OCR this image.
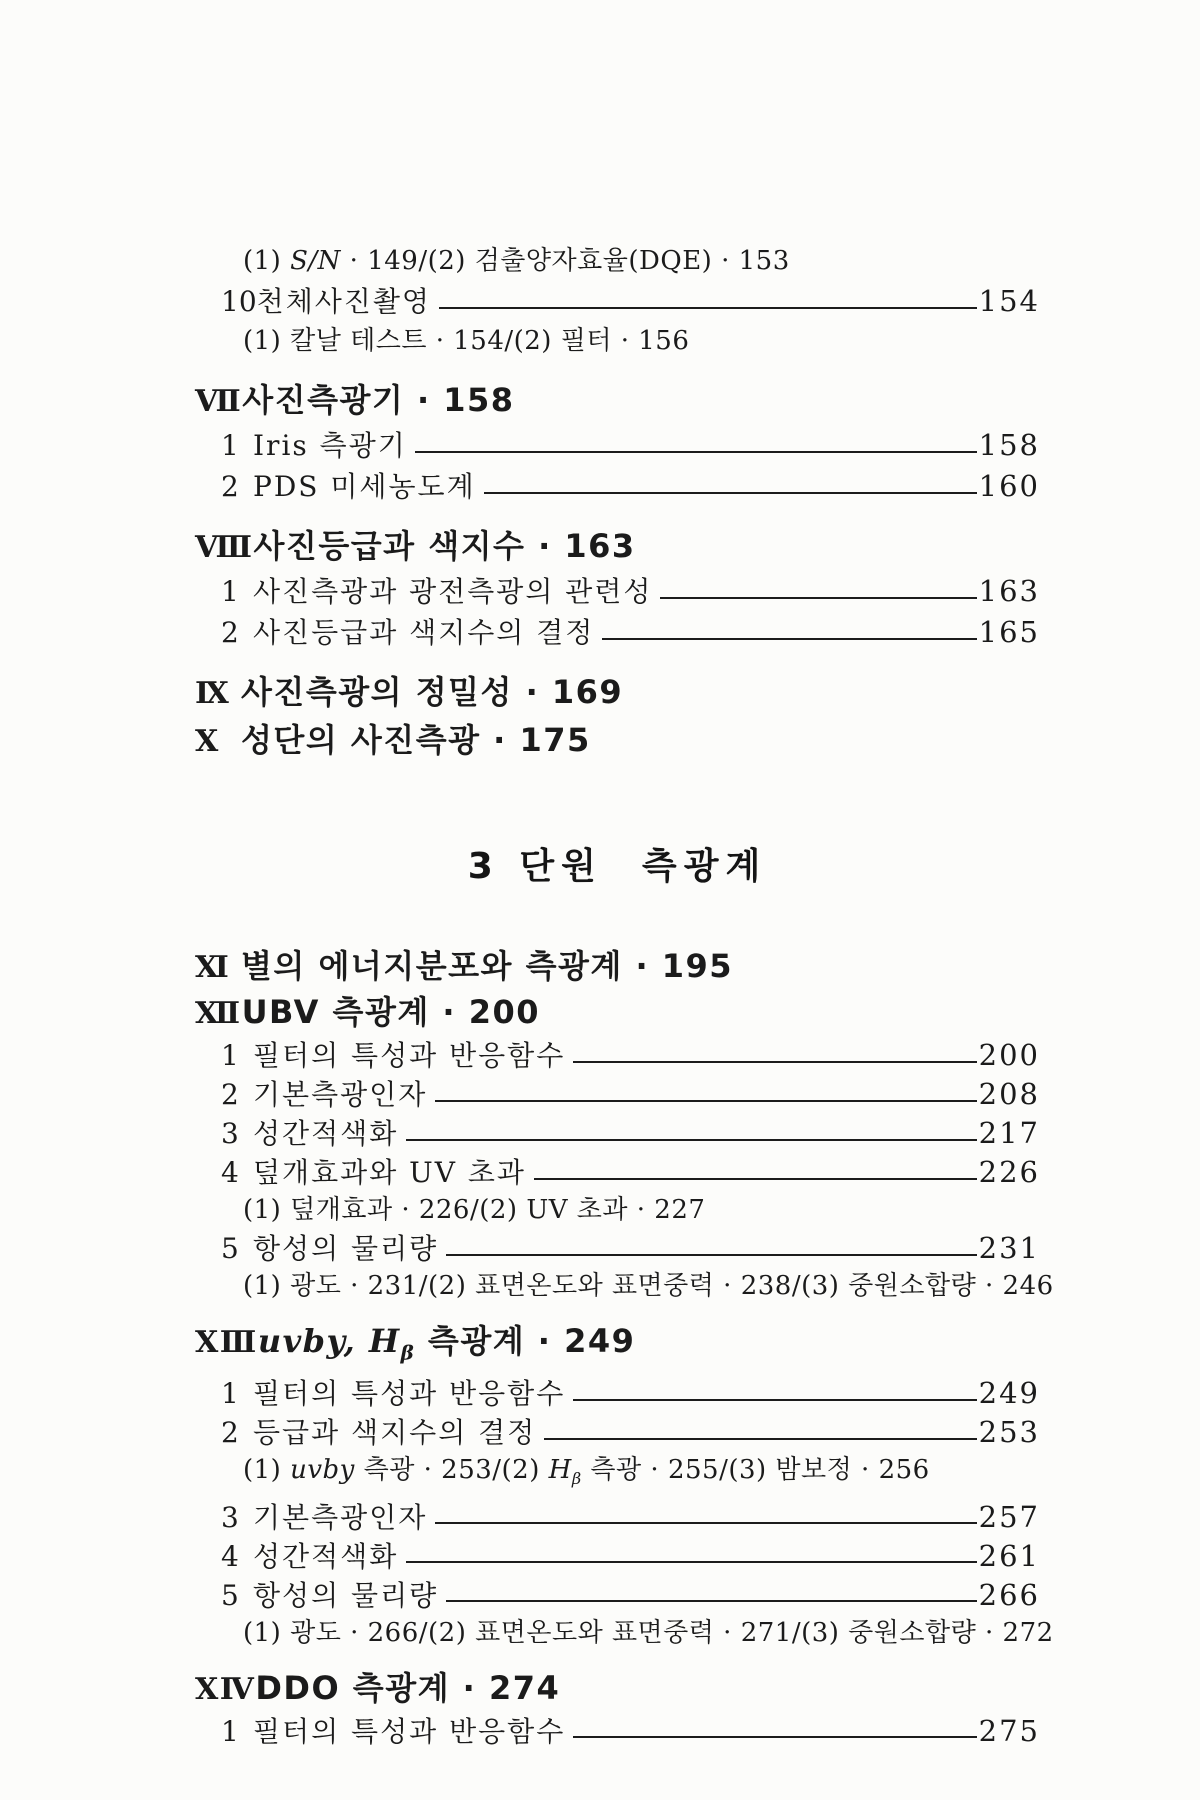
(1) S/N · 149/(2) 검출양자효율(DQE) · 153
10 천체사진촬영	154
(1) 칼날 테스트 · 154/(2) 필터 · 156
Ⅶ 사진측광기 · 158
1 Iris 측광기	158
2 PDS 미세농도계	160
Ⅷ 사진등급과 색지수 · 163
1 사진측광과 광전측광의 관련성	163
2 사진등급과 색지수의 결정	165
Ⅸ 사진측광의 정밀성 · 169
Ⅹ 성단의 사진측광 · 175
3 단원  측광계
Ⅺ 별의 에너지분포와 측광계 · 195
Ⅻ UBV 측광계 · 200
1 필터의 특성과 반응함수	200
2 기본측광인자	208
3 성간적색화	217
4 덮개효과와 UV 초과	226
(1) 덮개효과 · 226/(2) UV 초과 · 227
5 항성의 물리량	231
(1) 광도 · 231/(2) 표면온도와 표면중력 · 238/(3) 중원소합량 · 246
ⅩⅢ uvby, $H_\beta$ 측광계 · 249
1 필터의 특성과 반응함수	249
2 등급과 색지수의 결정	253
(1) uvby 측광 · 253/(2) $H_\beta$ 측광 · 255/(3) 밤보정 · 256
3 기본측광인자	257
4 성간적색화	261
5 항성의 물리량	266
(1) 광도 · 266/(2) 표면온도와 표면중력 · 271/(3) 중원소합량 · 272
ⅩⅣ DDO 측광계 · 274
1 필터의 특성과 반응함수	275
